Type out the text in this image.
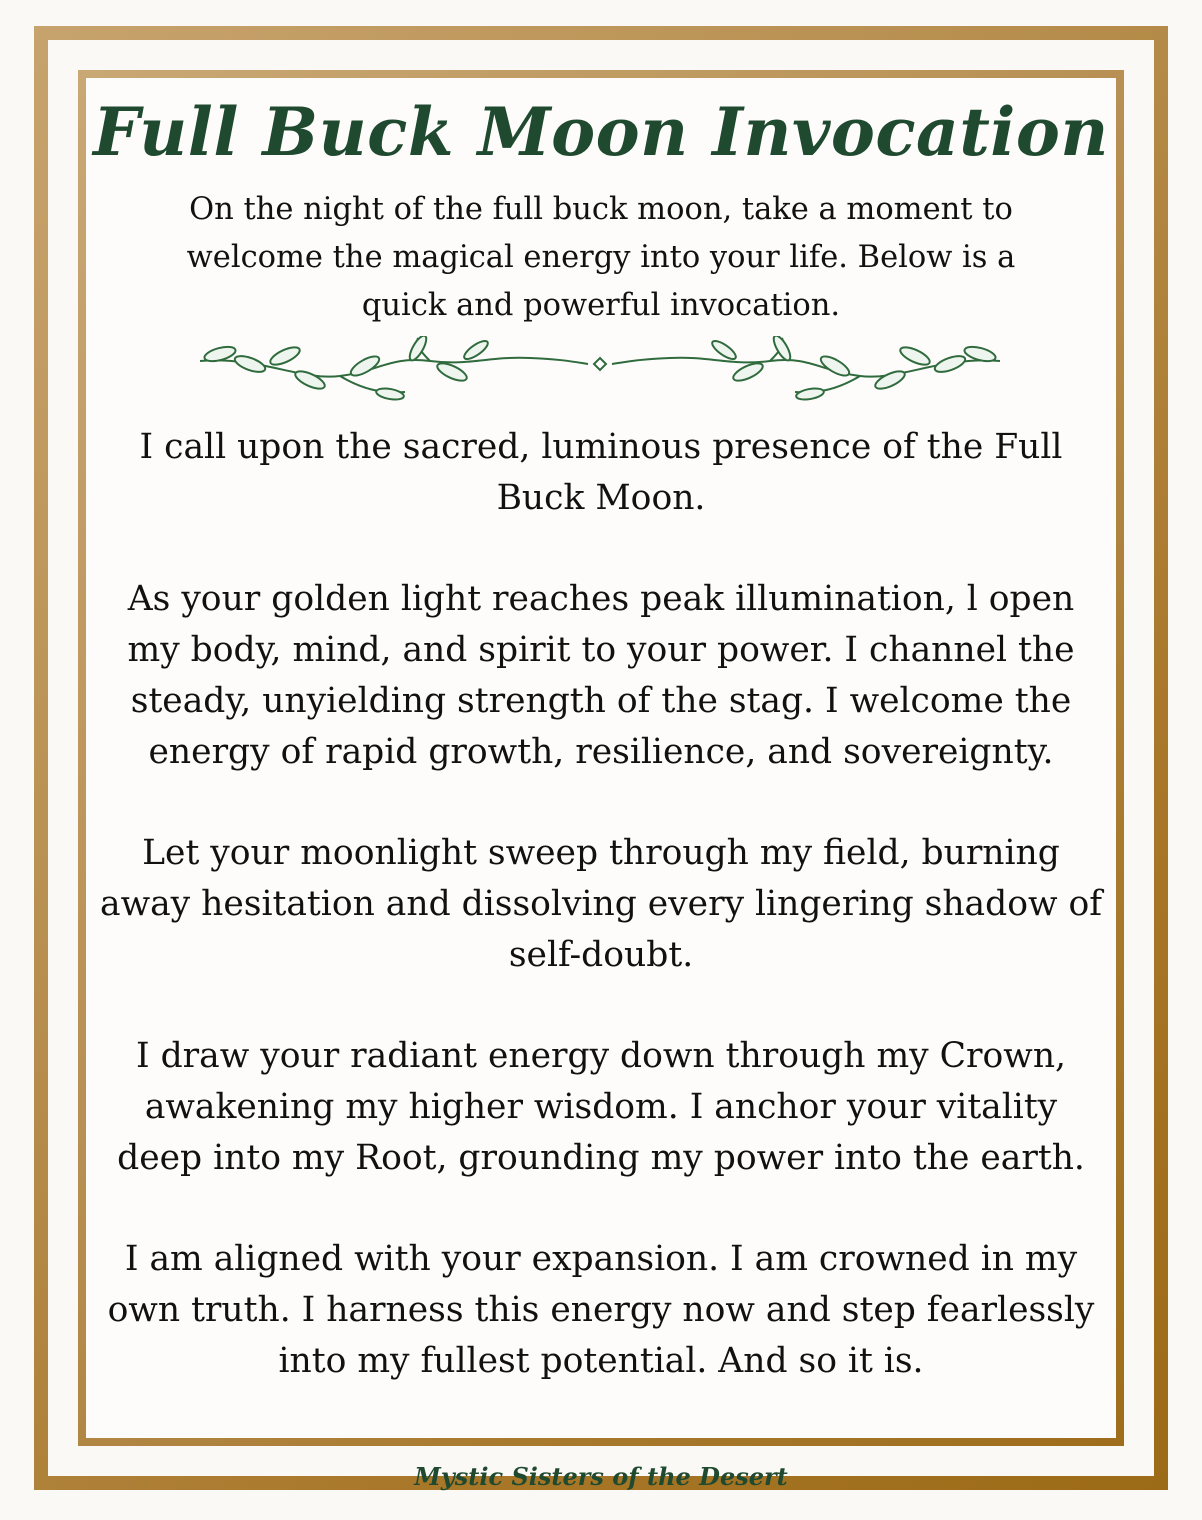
Full Buck Moon Invocation
On the night of the full buck moon, take a moment to welcome the magical energy into your life. Below is a quick and powerful invocation.

I call upon the sacred, luminous presence of the Full Buck Moon.

As your golden light reaches peak illumination, l open my body, mind, and spirit to your power. I channel the steady, unyielding strength of the stag. I welcome the energy of rapid growth, resilience, and sovereignty.

Let your moonlight sweep through my field, burning away hesitation and dissolving every lingering shadow of self-doubt.

I draw your radiant energy down through my Crown, awakening my higher wisdom. I anchor your vitality deep into my Root, grounding my power into the earth.

I am aligned with your expansion. I am crowned in my own truth. I harness this energy now and step fearlessly into my fullest potential. And so it is.

Mystic Sisters of the Desert
